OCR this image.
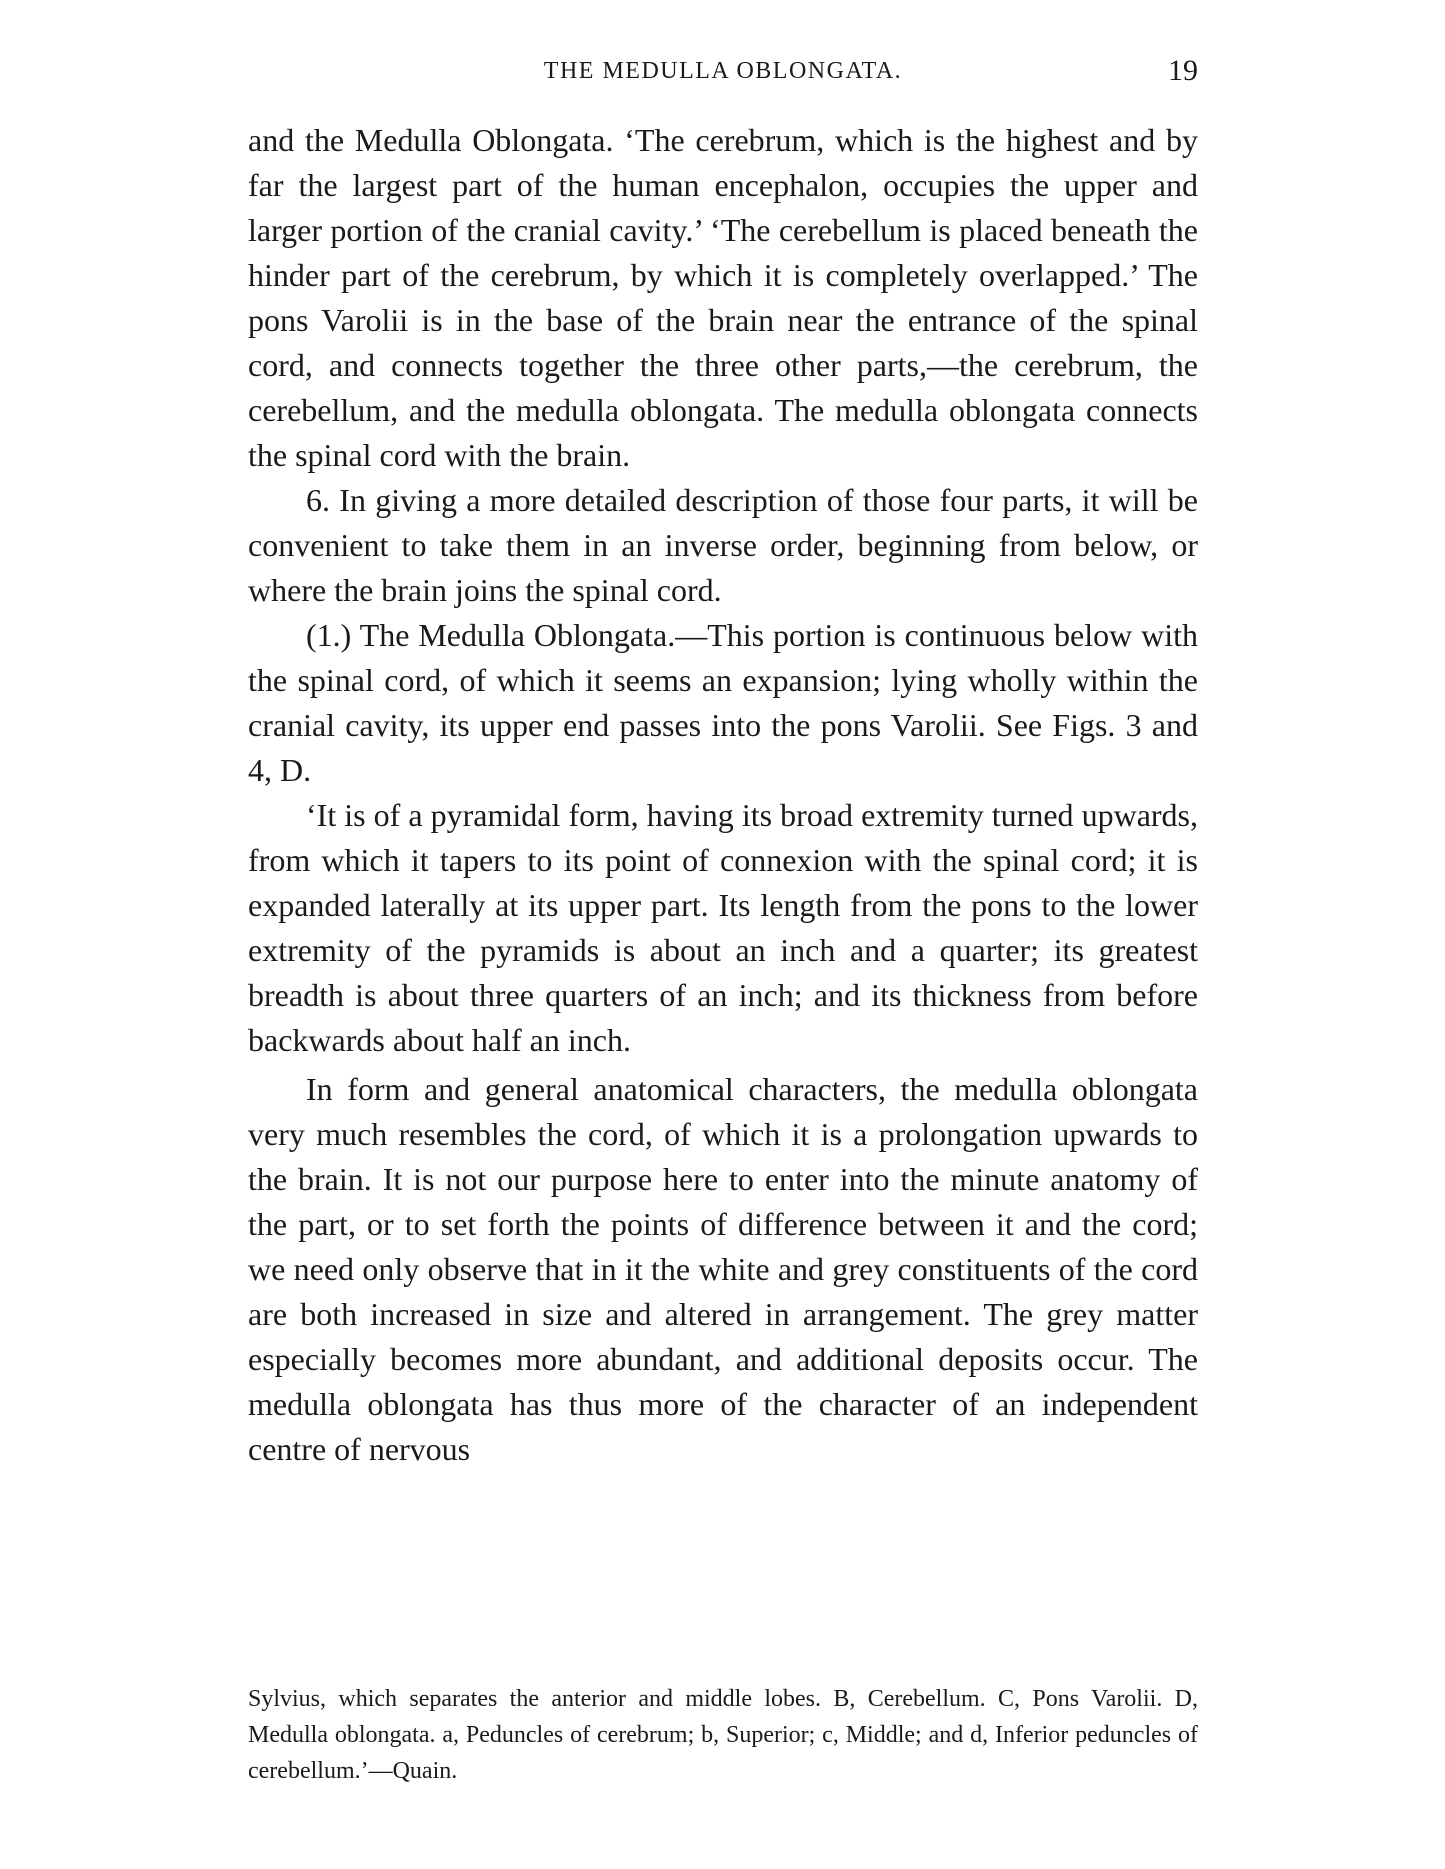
THE MEDULLA OBLONGATA.	19

and the Medulla Oblongata. ‘The cerebrum, which is the highest and by far the largest part of the human encephalon, occupies the upper and larger portion of the cranial cavity.’ ‘The cerebellum is placed beneath the hinder part of the cerebrum, by which it is completely overlapped.’ The pons Varolii is in the base of the brain near the entrance of the spinal cord, and connects together the three other parts,—the cerebrum, the cerebellum, and the medulla oblongata. The medulla oblongata connects the spinal cord with the brain.

6. In giving a more detailed description of those four parts, it will be convenient to take them in an inverse order, beginning from below, or where the brain joins the spinal cord.

(1.) The Medulla Oblongata.—This portion is continuous below with the spinal cord, of which it seems an expansion; lying wholly within the cranial cavity, its upper end passes into the pons Varolii. See Figs. 3 and 4, D.

‘It is of a pyramidal form, having its broad extremity turned upwards, from which it tapers to its point of connexion with the spinal cord; it is expanded laterally at its upper part. Its length from the pons to the lower extremity of the pyramids is about an inch and a quarter; its greatest breadth is about three quarters of an inch; and its thickness from before backwards about half an inch.

In form and general anatomical characters, the medulla oblongata very much resembles the cord, of which it is a prolongation upwards to the brain. It is not our purpose here to enter into the minute anatomy of the part, or to set forth the points of difference between it and the cord; we need only observe that in it the white and grey constituents of the cord are both increased in size and altered in arrangement. The grey matter especially becomes more abundant, and additional deposits occur. The medulla oblongata has thus more of the character of an independent centre of nervous

Sylvius, which separates the anterior and middle lobes. B, Cerebellum. C, Pons Varolii. D, Medulla oblongata. a, Peduncles of cerebrum; b, Superior; c, Middle; and d, Inferior peduncles of cerebellum.’—Quain.
